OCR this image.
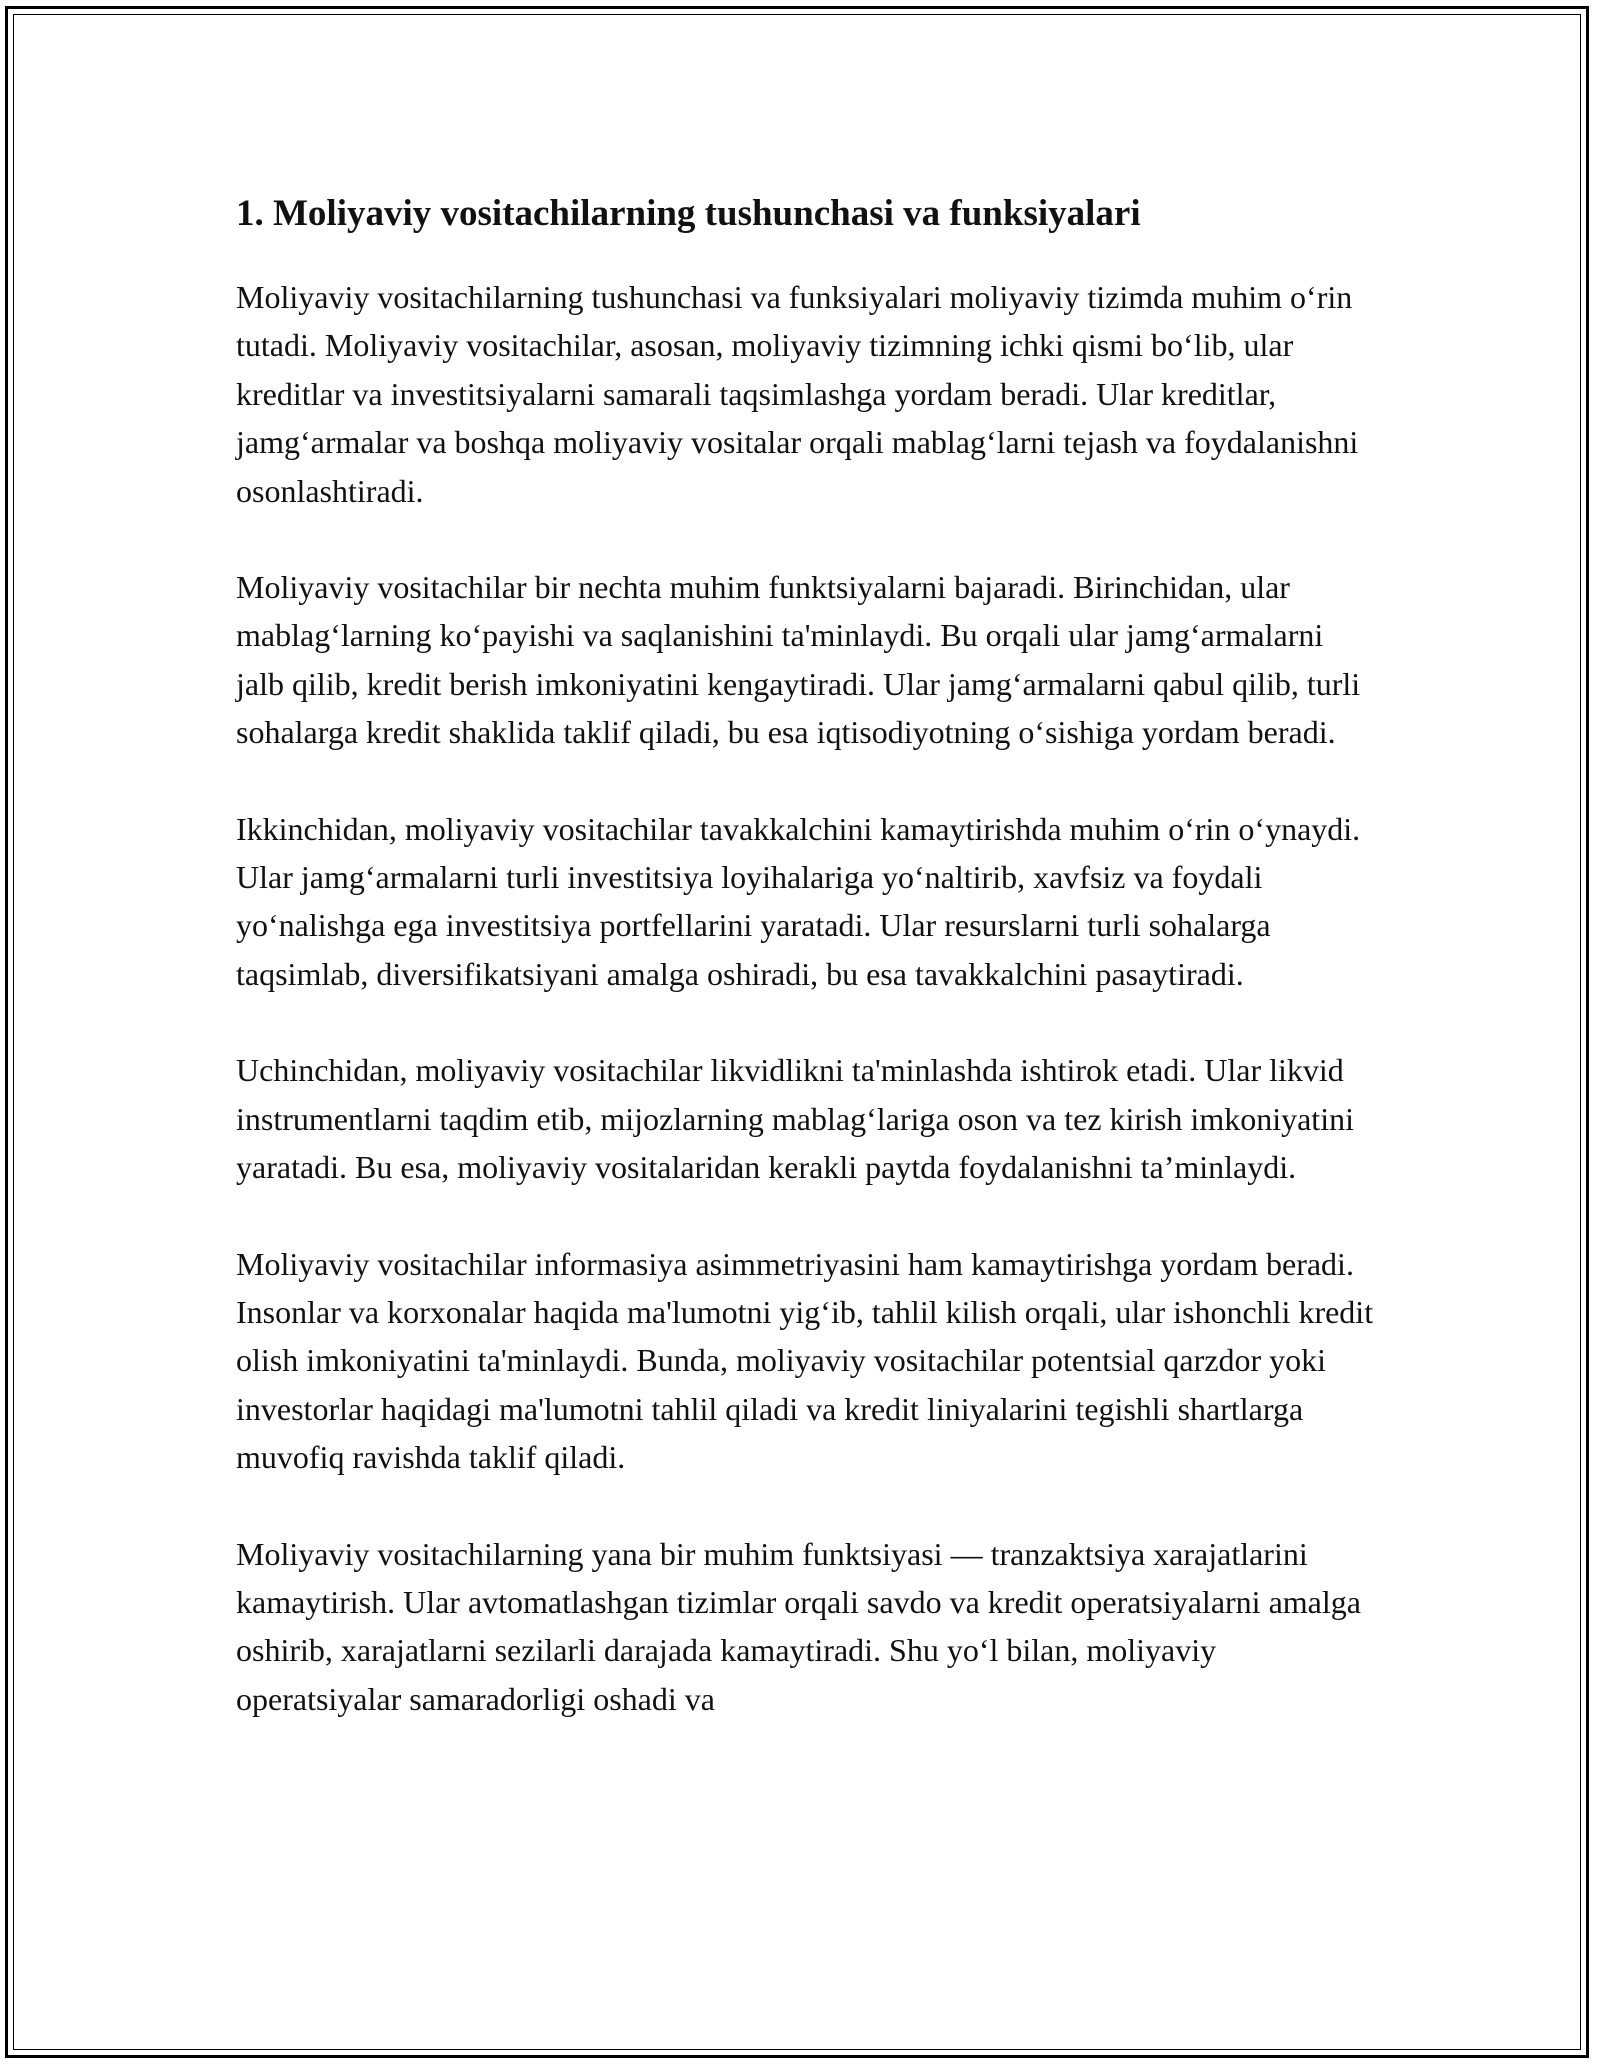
1. Moliyaviy vositachilarning tushunchasi va funksiyalari

Moliyaviy vositachilarning tushunchasi va funksiyalari moliyaviy tizimda muhim o‘rin tutadi. Moliyaviy vositachilar, asosan, moliyaviy tizimning ichki qismi bo‘lib, ular kreditlar va investitsiyalarni samarali taqsimlashga yordam beradi. Ular kreditlar, jamg‘armalar va boshqa moliyaviy vositalar orqali mablag‘larni tejash va foydalanishni osonlashtiradi.

Moliyaviy vositachilar bir nechta muhim funktsiyalarni bajaradi. Birinchidan, ular mablag‘larning ko‘payishi va saqlanishini ta'minlaydi. Bu orqali ular jamg‘armalarni jalb qilib, kredit berish imkoniyatini kengaytiradi. Ular jamg‘armalarni qabul qilib, turli sohalarga kredit shaklida taklif qiladi, bu esa iqtisodiyotning o‘sishiga yordam beradi.

Ikkinchidan, moliyaviy vositachilar tavakkalchini kamaytirishda muhim o‘rin o‘ynaydi. Ular jamg‘armalarni turli investitsiya loyihalariga yo‘naltirib, xavfsiz va foydali yo‘nalishga ega investitsiya portfellarini yaratadi. Ular resurslarni turli sohalarga taqsimlab, diversifikatsiyani amalga oshiradi, bu esa tavakkalchini pasaytiradi.

Uchinchidan, moliyaviy vositachilar likvidlikni ta'minlashda ishtirok etadi. Ular likvid instrumentlarni taqdim etib, mijozlarning mablag‘lariga oson va tez kirish imkoniyatini yaratadi. Bu esa, moliyaviy vositalaridan kerakli paytda foydalanishni ta’minlaydi.

Moliyaviy vositachilar informasiya asimmetriyasini ham kamaytirishga yordam beradi. Insonlar va korxonalar haqida ma'lumotni yig‘ib, tahlil kilish orqali, ular ishonchli kredit olish imkoniyatini ta'minlaydi. Bunda, moliyaviy vositachilar potentsial qarzdor yoki investorlar haqidagi ma'lumotni tahlil qiladi va kredit liniyalarini tegishli shartlarga muvofiq ravishda taklif qiladi.

Moliyaviy vositachilarning yana bir muhim funktsiyasi — tranzaktsiya xarajatlarini kamaytirish. Ular avtomatlashgan tizimlar orqali savdo va kredit operatsiyalarni amalga oshirib, xarajatlarni sezilarli darajada kamaytiradi. Shu yo‘l bilan, moliyaviy operatsiyalar samaradorligi oshadi va
